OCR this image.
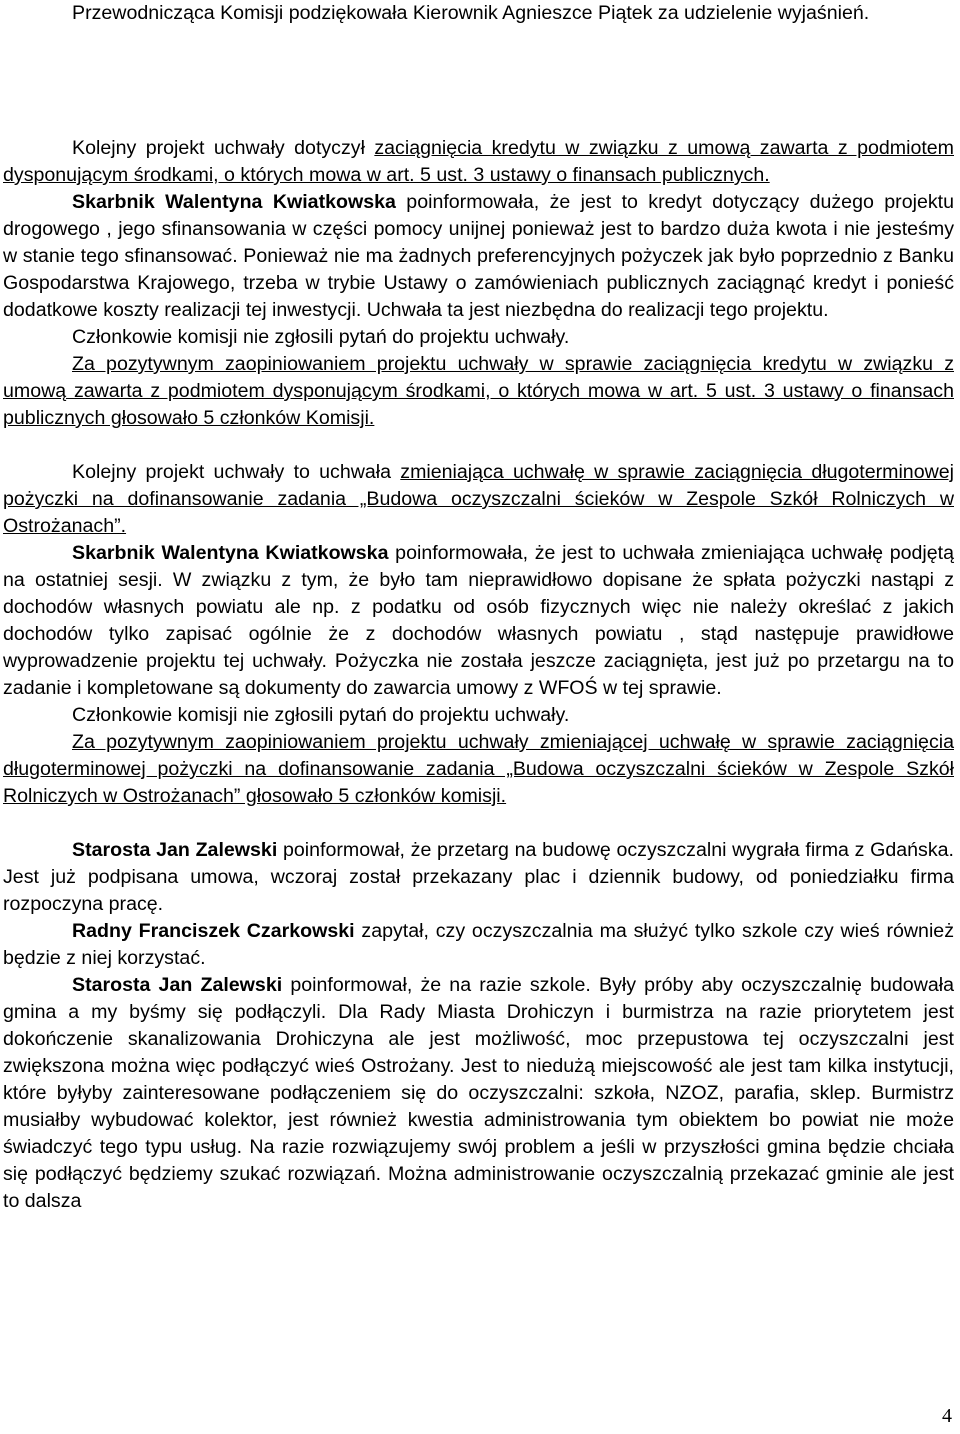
Przewodnicząca Komisji podziękowała Kierownik Agnieszce Piątek za udzielenie wyjaśnień.

Kolejny projekt uchwały dotyczył zaciągnięcia kredytu w związku z umową zawarta z podmiotem dysponującym środkami, o których mowa w art. 5 ust. 3 ustawy o finansach publicznych.

Skarbnik Walentyna Kwiatkowska poinformowała, że jest to kredyt dotyczący dużego projektu drogowego , jego sfinansowania w części pomocy unijnej ponieważ jest to bardzo duża kwota i nie jesteśmy w stanie tego sfinansować. Ponieważ nie ma żadnych preferencyjnych pożyczek jak było poprzednio z Banku Gospodarstwa Krajowego, trzeba w trybie Ustawy o zamówieniach publicznych zaciągnąć kredyt i ponieść dodatkowe koszty realizacji tej inwestycji. Uchwała ta jest niezbędna do realizacji tego projektu.

Członkowie komisji nie zgłosili pytań do projektu uchwały.

Za pozytywnym zaopiniowaniem projektu uchwały w sprawie zaciągnięcia kredytu w związku z umową zawarta z podmiotem dysponującym środkami, o których mowa w art. 5 ust. 3 ustawy o finansach publicznych głosowało 5 członków Komisji.

Kolejny projekt uchwały to uchwała zmieniająca uchwałę w sprawie zaciągnięcia długoterminowej pożyczki na dofinansowanie zadania „Budowa oczyszczalni ścieków w Zespole Szkół Rolniczych w Ostrożanach”.

Skarbnik Walentyna Kwiatkowska poinformowała, że jest to uchwała zmieniająca uchwałę podjętą na ostatniej sesji. W związku z tym, że było tam nieprawidłowo dopisane że spłata pożyczki nastąpi z dochodów własnych powiatu ale np. z podatku od osób fizycznych więc nie należy określać z jakich dochodów tylko zapisać ogólnie że z dochodów własnych powiatu , stąd następuje prawidłowe wyprowadzenie projektu tej uchwały. Pożyczka nie została jeszcze zaciągnięta, jest już po przetargu na to zadanie i kompletowane są dokumenty do zawarcia umowy z WFOŚ w tej sprawie.

Członkowie komisji nie zgłosili pytań do projektu uchwały.

Za pozytywnym zaopiniowaniem projektu uchwały zmieniającej uchwałę w sprawie zaciągnięcia długoterminowej pożyczki na dofinansowanie zadania „Budowa oczyszczalni ścieków w Zespole Szkół Rolniczych w Ostrożanach” głosowało 5 członków komisji.

Starosta Jan Zalewski poinformował, że przetarg na budowę oczyszczalni wygrała firma z Gdańska. Jest już podpisana umowa, wczoraj został przekazany plac i dziennik budowy, od poniedziałku firma rozpoczyna pracę.

Radny Franciszek Czarkowski zapytał, czy oczyszczalnia ma służyć tylko szkole czy wieś również będzie z niej korzystać.

Starosta Jan Zalewski poinformował, że na razie szkole. Były próby aby oczyszczalnię budowała gmina a my byśmy się podłączyli. Dla Rady Miasta Drohiczyn i burmistrza na razie priorytetem jest dokończenie skanalizowania Drohiczyna ale jest możliwość, moc przepustowa tej oczyszczalni jest zwiększona można więc podłączyć wieś Ostrożany. Jest to niedużą miejscowość ale jest tam kilka instytucji, które byłyby zainteresowane podłączeniem się do oczyszczalni: szkoła, NZOZ, parafia, sklep. Burmistrz musiałby wybudować kolektor, jest również kwestia administrowania tym obiektem bo powiat nie może świadczyć tego typu usług. Na razie rozwiązujemy swój problem a jeśli w przyszłości gmina będzie chciała się podłączyć będziemy szukać rozwiązań. Można administrowanie oczyszczalnią przekazać gminie ale jest to dalsza

4
